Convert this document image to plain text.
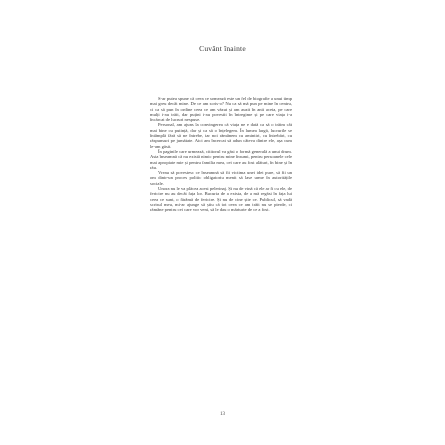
Cuvânt înainte

S-ar putea spune că ceea ce urmează este un fel de biografie a unui timp mai greu decât mine. De ce am scris-o? Nu ca să mă pun pe mine în centru, ci ca să pun în ordine ceea ce am văzut și am auzit în anii aceia, pe care mulți i-au trăit, dar puțini i-au povestit în întregime și pe care viața i-a încărcat de lucruri nespuse.

Personal, am ajuns la convingerea că viața ne e dată ca să o trăim cât mai bine cu putință, dar și ca să o înțelegem. În lumea largă, lucrurile se întâmplă fără să ne întrebe, iar noi rămânem cu amintiri, cu întrebări, cu răspunsuri pe jumătate. Aici am încercat să adun câteva dintre ele, așa cum le-am găsit.

În paginile care urmează, cititorul va găsi o formă generală a unui drum. Asta înseamnă că nu există nimic pentru mine însumi, pentru persoanele cele mai apropiate mie și pentru familia mea, cei care au fost alături, în bine și în rău.

Vreau să povestesc ce înseamnă să fii victima unei idei pure, să fii un om dintr-un proces politic obligatoriu menit să lase urme în autoritățile sociale.

Unora nu le va plăcea acest pelerinaj. Și nu de vină că ele ar fi cu ele, de fericire nu au decât fața lor. Bucuria de a exista, de a mă regăsi în fața lui ceea ce sunt, o fărâmă de fericire. Și nu de cine știe ce. Publicul, să vadă scrisul meu, mi-ar ajunge să știu că tot ceea ce am trăit nu se pierde, ci rămâne pentru cei care vor veni, să le dau o mărturie de ce a fost.

13
